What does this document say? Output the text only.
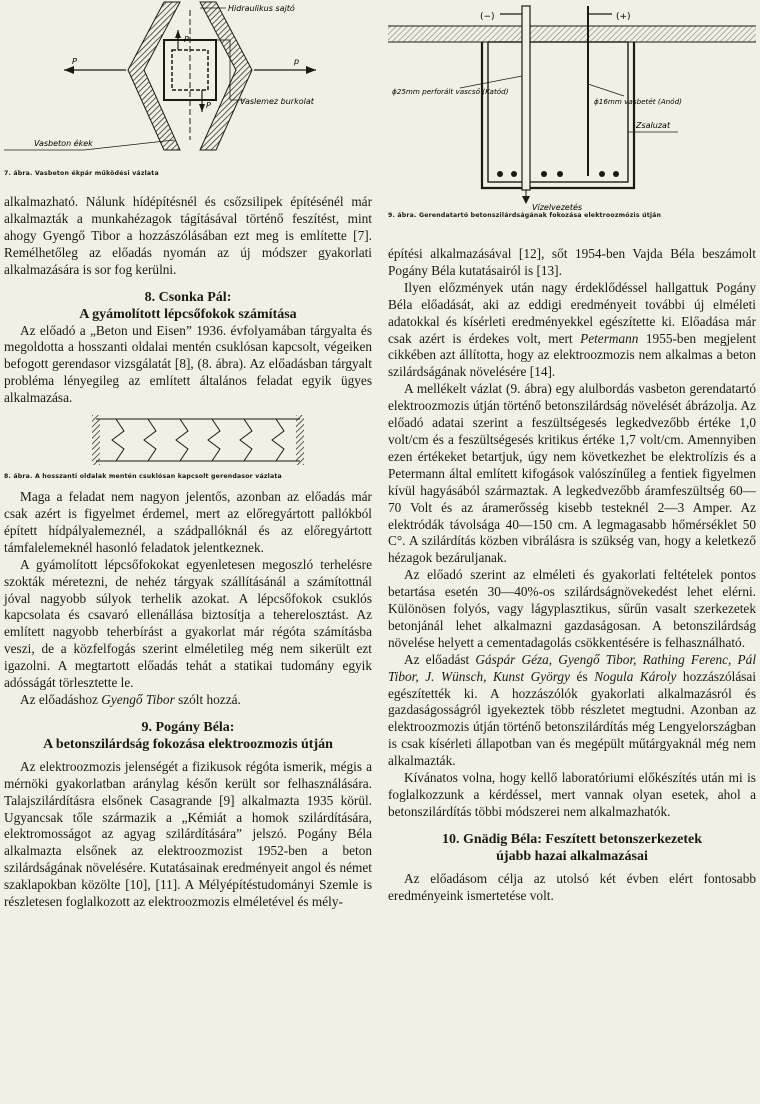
P	p
P
P
Hidraulikus sajtó
Vaslemez burkolat
Vasbeton ékek
7. ábra. Vasbeton ékpár működési vázlata

alkalmazható. Nálunk hídépítésnél és csőzsilipek építésénél már alkalmazták a munkahézagok tágításával történő feszítést, mint ahogy Gyengő Tibor a hozzászólásában ezt meg is említette [7]. Remélhetőleg az előadás nyomán az új módszer gyakorlati alkalmazására is sor fog kerülni.

8. Csonka Pál:
A gyámolított lépcsőfokok számítása

Az előadó a „Beton und Eisen” 1936. évfolyamában tárgyalta és megoldotta a hosszanti oldalai mentén csuklósan kapcsolt, végeiken befogott gerendasor vizsgálatát [8], (8. ábra). Az előadásban tárgyalt probléma lényegileg az említett általános feladat egyik ügyes alkalmazása.

8. ábra. A hosszanti oldalak mentén csuklósan kapcsolt gerendasor vázlata

Maga a feladat nem nagyon jelentős, azonban az előadás már csak azért is figyelmet érdemel, mert az előregyártott pallókból épített hídpályalemeznél, a szádpallóknál és az előregyártott támfalelemeknél hasonló feladatok jelentkeznek.

A gyámolított lépcsőfokokat egyenletesen megoszló terhelésre szokták méretezni, de nehéz tárgyak szállításánál a számítottnál jóval nagyobb súlyok terhelik azokat. A lépcsőfokok csuklós kapcsolata és csavaró ellenállása biztosítja a teherelosztást. Az említett nagyobb teherbírást a gyakorlat már régóta számításba veszi, de a közfelfogás szerint elméletileg még nem sikerült ezt igazolni. A megtartott előadás tehát a statikai tudomány egyik adósságát törlesztette le.

Az előadáshoz Gyengő Tibor szólt hozzá.

9. Pogány Béla:
A betonszilárdság fokozása elektroozmozis útján

Az elektroozmozis jelenségét a fizikusok régóta ismerik, mégis a mérnöki gyakorlatban aránylag későn került sor felhasználására. Talajszilárdításra elsőnek Casagrande [9] alkalmazta 1935 körül. Ugyancsak tőle származik a „Kémiát a homok szilárdítására, elektromosságot az agyag szilárdítására” jelszó. Pogány Béla alkalmazta elsőnek az elektroozmozist 1952-ben a beton szilárdságának növelésére. Kutatásainak eredményeit angol és német szaklapokban közölte [10], [11]. A Mélyépítéstudományi Szemle is részletesen foglalkozott az elektroozmozis elméletével és mély-

(−)	(+)
ϕ25mm perforált vascső (Katód)
ϕ16mm vasbetét (Anód)
Zsaluzat
Vízelvezetés
9. ábra. Gerendatartó betonszilárdságának fokozása elektroozmózis útján

építési alkalmazásával [12], sőt 1954-ben Vajda Béla beszámolt Pogány Béla kutatásairól is [13].

Ilyen előzmények után nagy érdeklődéssel hallgattuk Pogány Béla előadását, aki az eddigi eredményeit további új elméleti adatokkal és kísérleti eredményekkel egészítette ki. Előadása már csak azért is érdekes volt, mert Petermann 1955-ben megjelent cikkében azt állította, hogy az elektroozmozis nem alkalmas a beton szilárdságának növelésére [14].

A mellékelt vázlat (9. ábra) egy alulbordás vasbeton gerendatartó elektroozmozis útján történő betonszilárdság növelését ábrázolja. Az előadó adatai szerint a feszültségesés legkedvezőbb értéke 1,0 volt/cm és a feszültségesés kritikus értéke 1,7 volt/cm. Amennyiben ezen értékeket betartjuk, úgy nem következhet be elektrolízis és a Petermann által említett kifogások valószínűleg a fentiek figyelmen kívül hagyásából származtak. A legkedvezőbb áramfeszültség 60—70 Volt és az áramerősség kisebb testeknél 2—3 Amper. Az elektródák távolsága 40—150 cm. A legmagasabb hőmérséklet 50 C°. A szilárdítás közben vibrálásra is szükség van, hogy a keletkező hézagok bezáruljanak.

Az előadó szerint az elméleti és gyakorlati feltételek pontos betartása esetén 30—40%-os szilárdságnövekedést lehet elérni. Különösen folyós, vagy lágyplasztikus, sűrűn vasalt szerkezetek betonjánál lehet alkalmazni gazdaságosan. A betonszilárdság növelése helyett a cementadagolás csökkentésére is felhasználható.

Az előadást Gáspár Géza, Gyengő Tibor, Rathing Ferenc, Pál Tibor, J. Wünsch, Kunst György és Nogula Károly hozzászólásai egészítették ki. A hozzászólók gyakorlati alkalmazásról és gazdaságosságról igyekeztek több részletet megtudni. Azonban az elektroozmozis útján történő betonszilárdítás még Lengyelországban is csak kísérleti állapotban van és megépült műtárgyaknál még nem alkalmazták.

Kívánatos volna, hogy kellő laboratóriumi előkészítés után mi is foglalkozzunk a kérdéssel, mert vannak olyan esetek, ahol a betonszilárdítás többi módszerei nem alkalmazhatók.

10. Gnädig Béla: Feszített betonszerkezetek
újabb hazai alkalmazásai

Az előadásom célja az utolsó két évben elért fontosabb eredményeink ismertetése volt.
